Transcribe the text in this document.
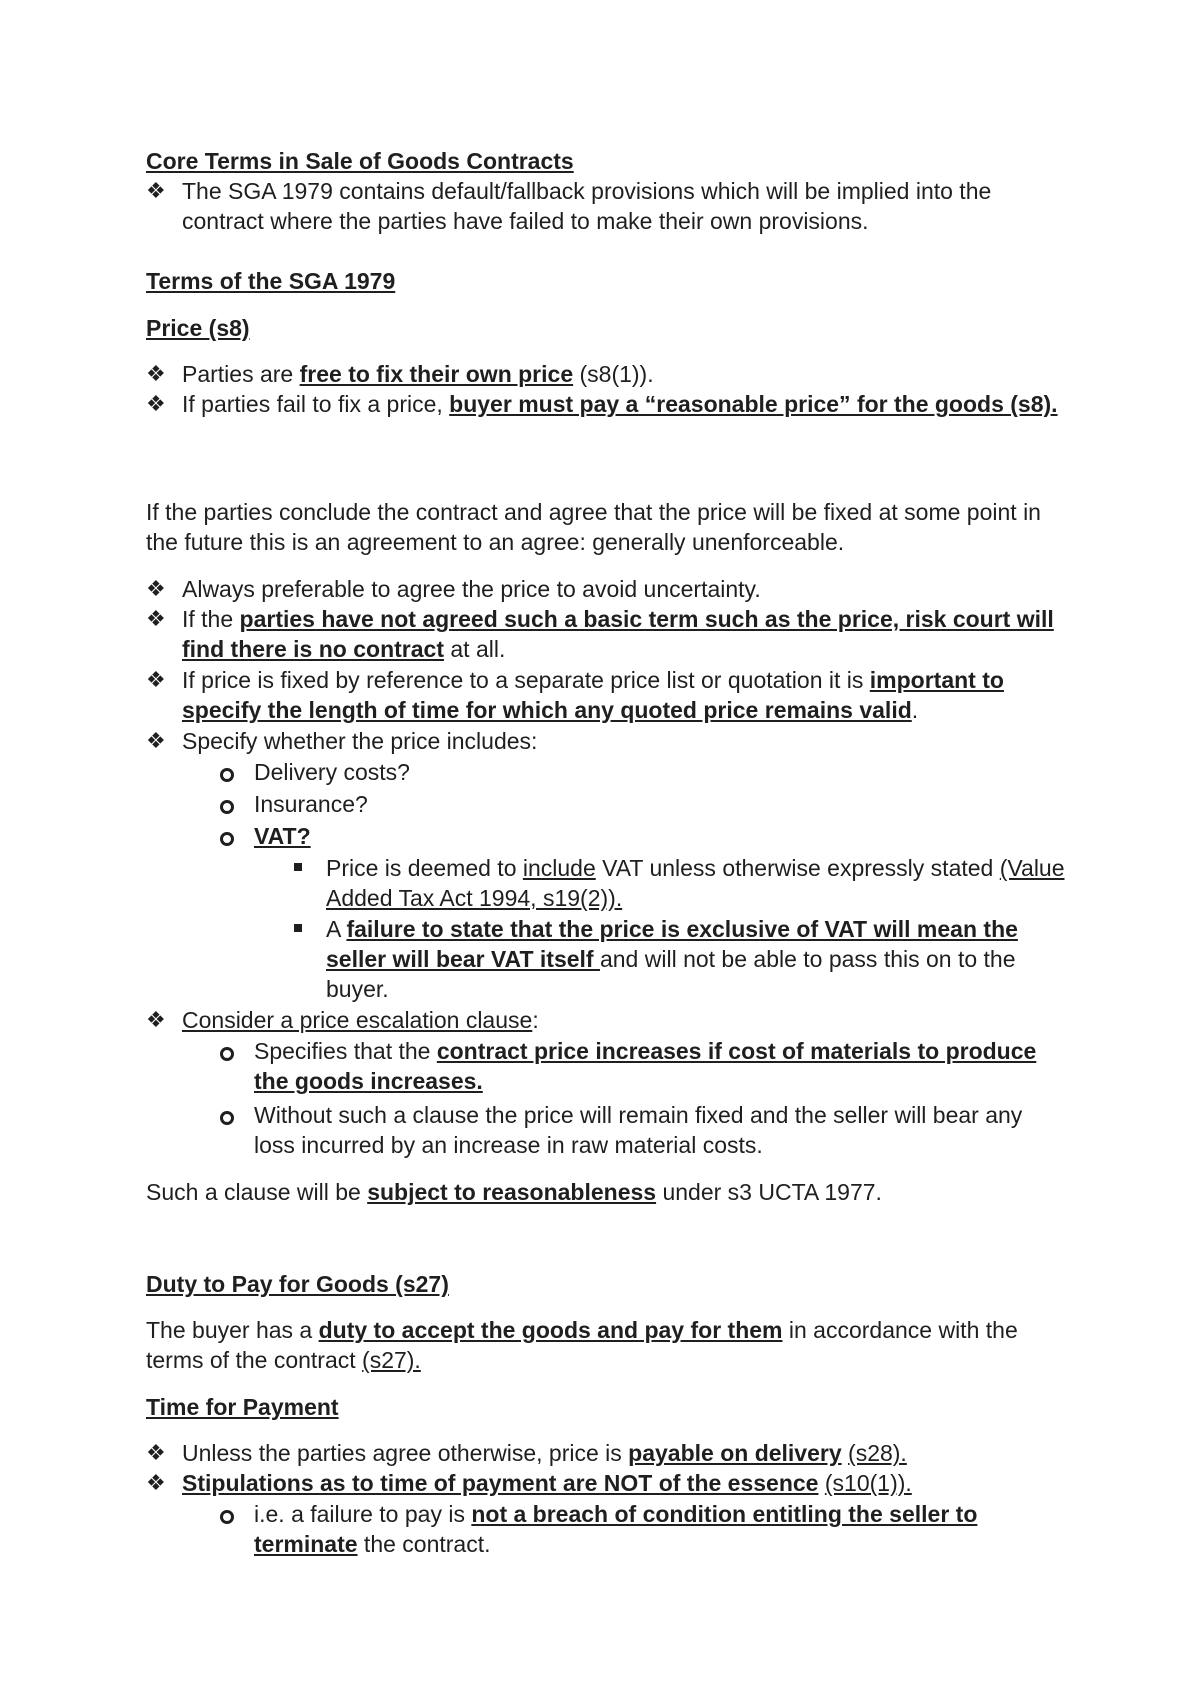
Core Terms in Sale of Goods Contracts

❖ The SGA 1979 contains default/fallback provisions which will be implied into the contract where the parties have failed to make their own provisions.

Terms of the SGA 1979

Price (s8)

❖ Parties are free to fix their own price (s8(1)).

❖ If parties fail to fix a price, buyer must pay a “reasonable price” for the goods (s8).

If the parties conclude the contract and agree that the price will be fixed at some point in the future this is an agreement to an agree: generally unenforceable.

❖ Always preferable to agree the price to avoid uncertainty.

❖ If the parties have not agreed such a basic term such as the price, risk court will find there is no contract at all.

❖ If price is fixed by reference to a separate price list or quotation it is important to specify the length of time for which any quoted price remains valid.

❖ Specify whether the price includes:

Delivery costs?

Insurance?

VAT?

Price is deemed to include VAT unless otherwise expressly stated (Value Added Tax Act 1994, s19(2)).

A failure to state that the price is exclusive of VAT will mean the seller will bear VAT itself and will not be able to pass this on to the buyer.

❖ Consider a price escalation clause:

Specifies that the contract price increases if cost of materials to produce the goods increases.

Without such a clause the price will remain fixed and the seller will bear any loss incurred by an increase in raw material costs.

Such a clause will be subject to reasonableness under s3 UCTA 1977.

Duty to Pay for Goods (s27)

The buyer has a duty to accept the goods and pay for them in accordance with the terms of the contract (s27).

Time for Payment

❖ Unless the parties agree otherwise, price is payable on delivery (s28).

❖ Stipulations as to time of payment are NOT of the essence (s10(1)).

i.e. a failure to pay is not a breach of condition entitling the seller to terminate the contract.
